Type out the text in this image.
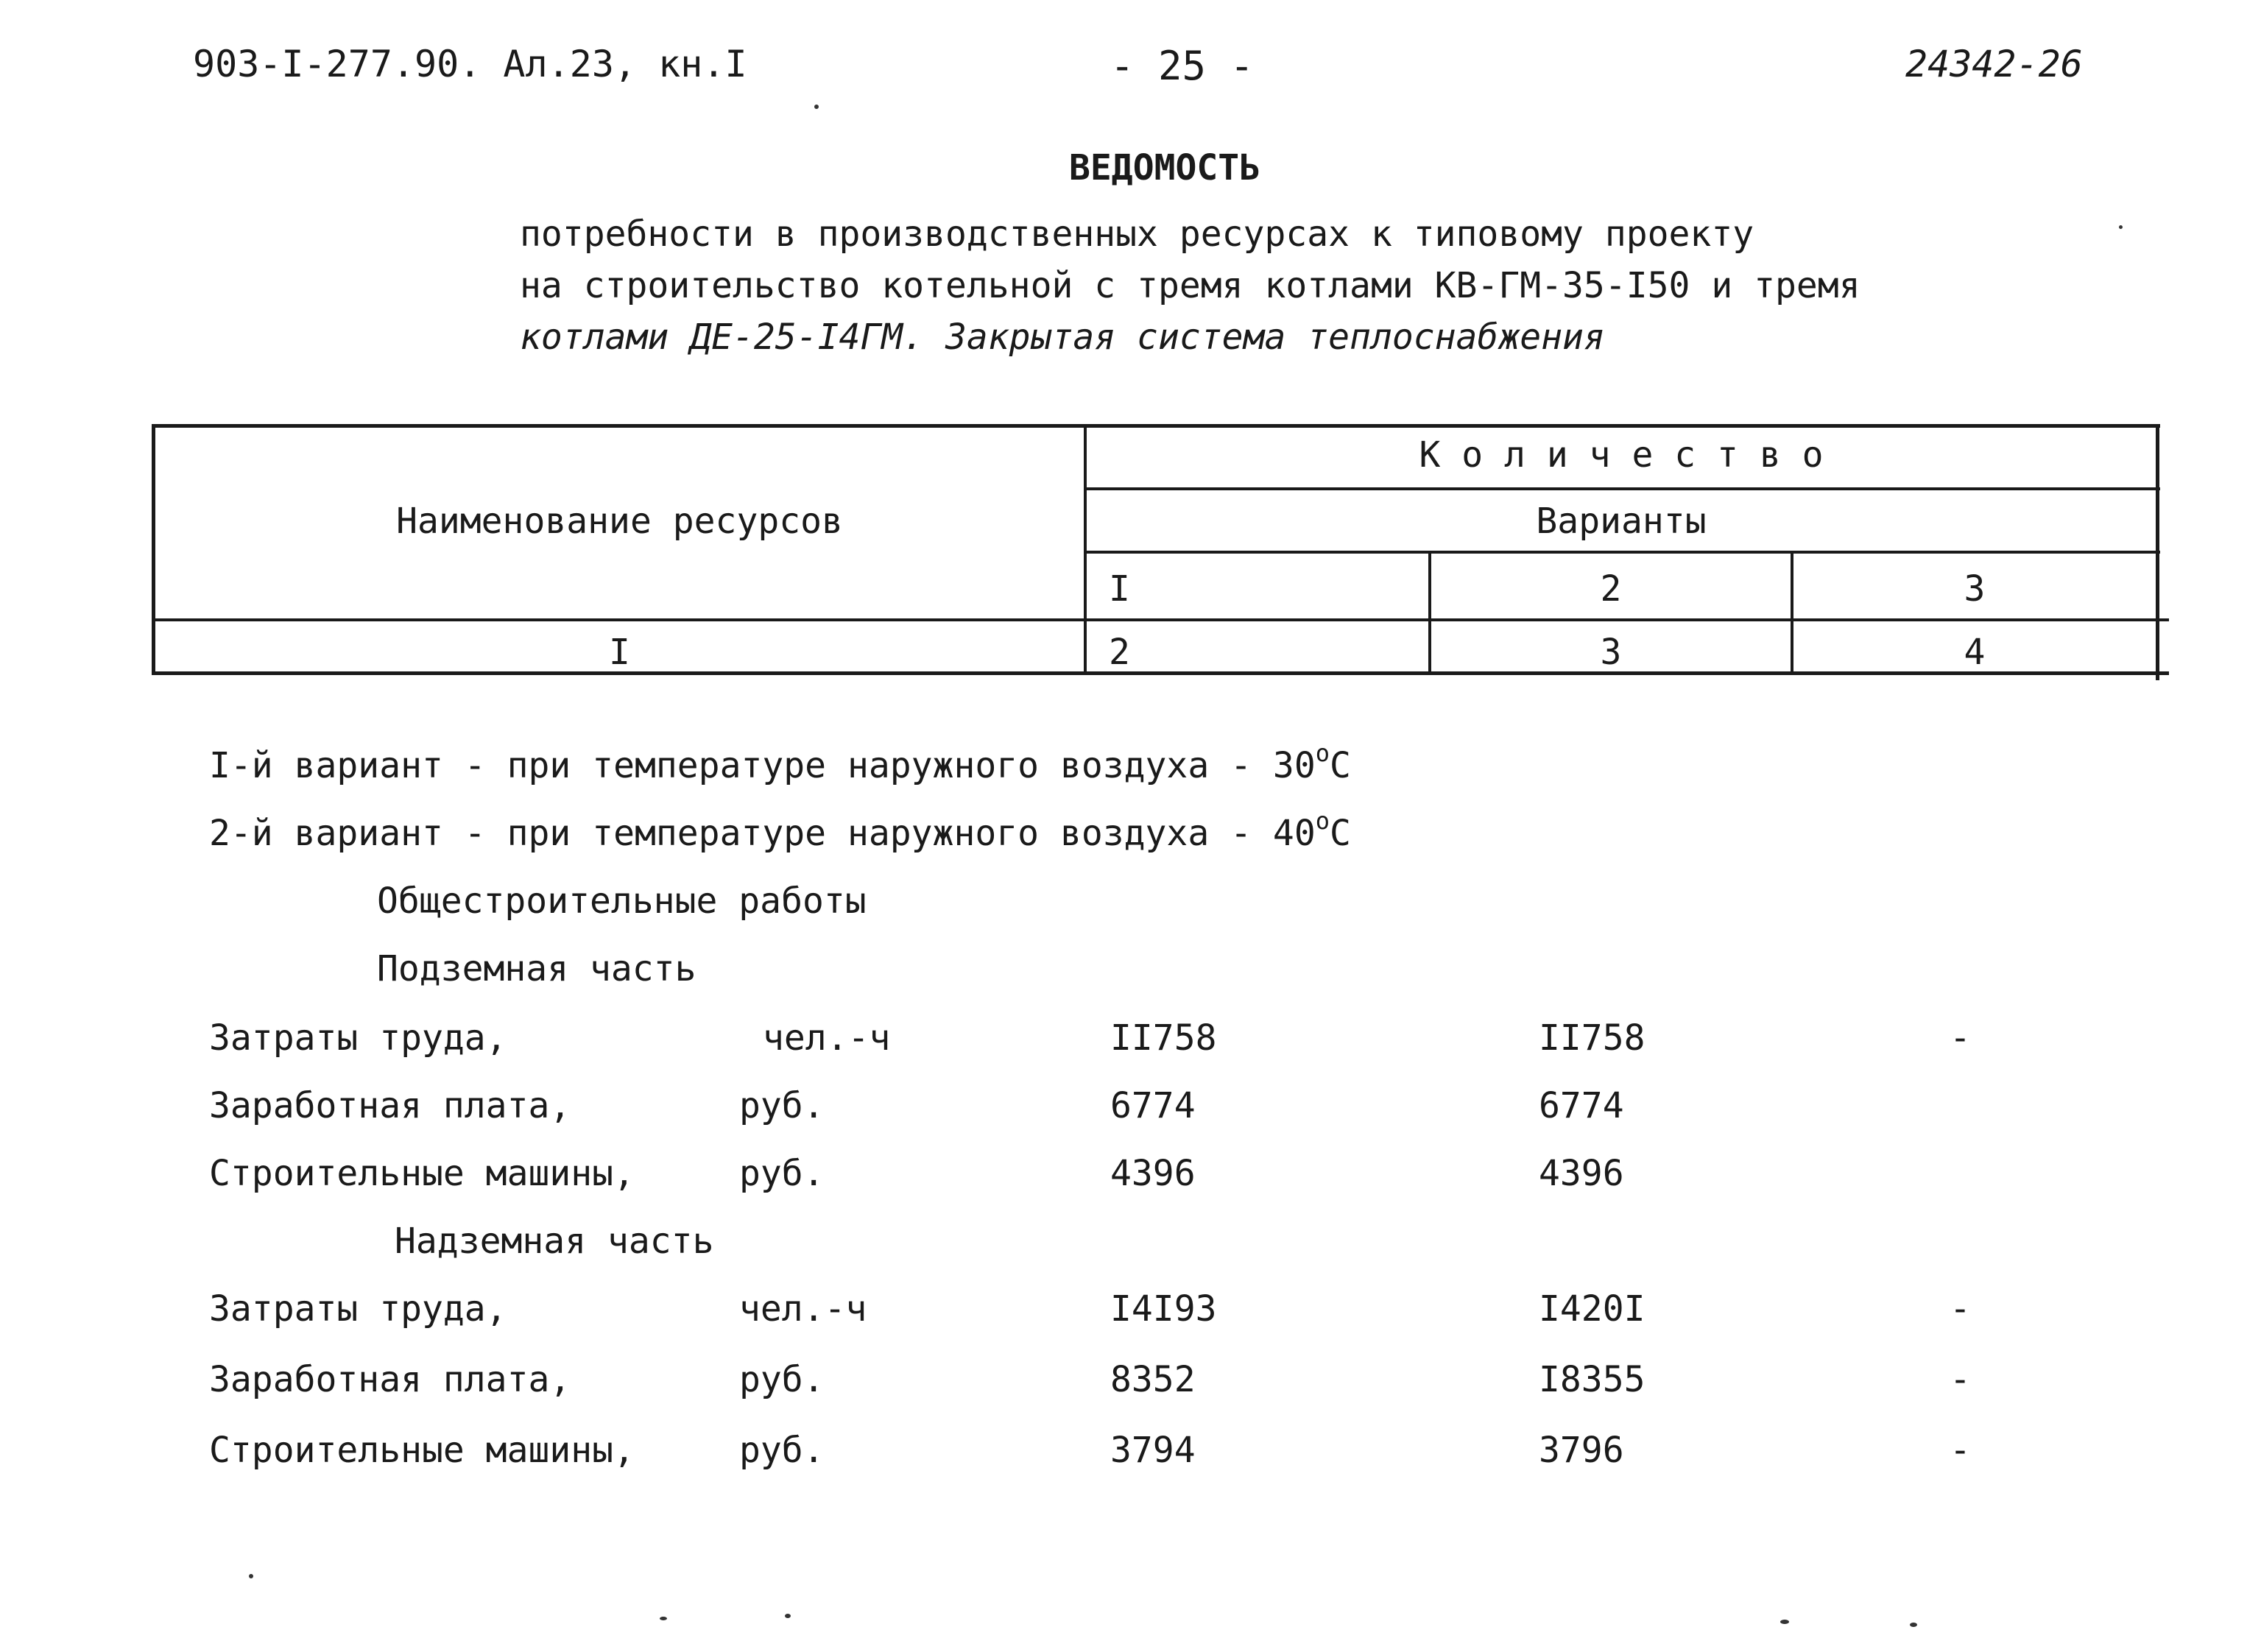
903-I-277.90. Ал.23, кн.I	- 25 -	24342-26
ВЕДОМОСТЬ
потребности в производственных ресурсах к типовому проекту
на строительство котельной с тремя котлами КВ-ГМ-35-I50 и тремя
котлами ДЕ-25-I4ГМ. Закрытая система теплоснабжения
Наименование ресурсов
К о л и ч е с т в о
Варианты
I	2	3
I	2	3	4
I-й вариант - при температуре наружного воздуха - 30$^o$C
2-й вариант - при температуре наружного воздуха - 40$^o$C
Общестроительные работы
Подземная часть
Затраты труда,	чел.-ч	II758	II758	-
Заработная плата,	руб.	6774	6774
Строительные машины,	руб.	4396	4396
Надземная часть
Затраты труда,	чел.-ч	I4I93	I420I	-
Заработная плата,	руб.	8352	I8355	-
Строительные машины,	руб.	3794	3796	-
